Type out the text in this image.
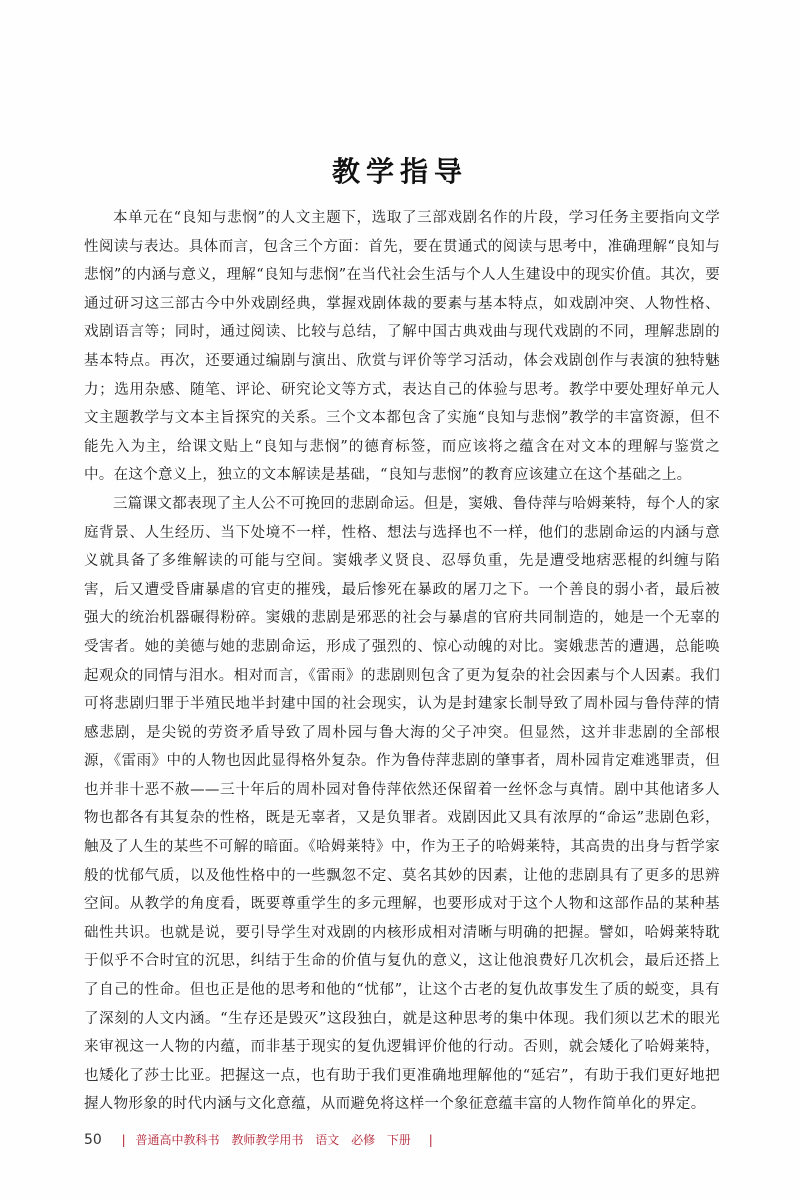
教学指导

本单元在“良知与悲悯”的人文主题下，选取了三部戏剧名作的片段，学习任务主要指向文学性阅读与表达。具体而言，包含三个方面：首先，要在贯通式的阅读与思考中，准确理解“良知与悲悯”的内涵与意义，理解“良知与悲悯”在当代社会生活与个人人生建设中的现实价值。其次，要通过研习这三部古今中外戏剧经典，掌握戏剧体裁的要素与基本特点，如戏剧冲突、人物性格、戏剧语言等；同时，通过阅读、比较与总结，了解中国古典戏曲与现代戏剧的不同，理解悲剧的基本特点。再次，还要通过编剧与演出、欣赏与评价等学习活动，体会戏剧创作与表演的独特魅力；选用杂感、随笔、评论、研究论文等方式，表达自己的体验与思考。教学中要处理好单元人文主题教学与文本主旨探究的关系。三个文本都包含了实施“良知与悲悯”教学的丰富资源，但不能先入为主，给课文贴上“良知与悲悯”的德育标签，而应该将之蕴含在对文本的理解与鉴赏之中。在这个意义上，独立的文本解读是基础，“良知与悲悯”的教育应该建立在这个基础之上。

三篇课文都表现了主人公不可挽回的悲剧命运。但是，窦娥、鲁侍萍与哈姆莱特，每个人的家庭背景、人生经历、当下处境不一样，性格、想法与选择也不一样，他们的悲剧命运的内涵与意义就具备了多维解读的可能与空间。窦娥孝义贤良、忍辱负重，先是遭受地痞恶棍的纠缠与陷害，后又遭受昏庸暴虐的官吏的摧残，最后惨死在暴政的屠刀之下。一个善良的弱小者，最后被强大的统治机器碾得粉碎。窦娥的悲剧是邪恶的社会与暴虐的官府共同制造的，她是一个无辜的受害者。她的美德与她的悲剧命运，形成了强烈的、惊心动魄的对比。窦娥悲苦的遭遇，总能唤起观众的同情与泪水。相对而言，《雷雨》的悲剧则包含了更为复杂的社会因素与个人因素。我们可将悲剧归罪于半殖民地半封建中国的社会现实，认为是封建家长制导致了周朴园与鲁侍萍的情感悲剧，是尖锐的劳资矛盾导致了周朴园与鲁大海的父子冲突。但显然，这并非悲剧的全部根源，《雷雨》中的人物也因此显得格外复杂。作为鲁侍萍悲剧的肇事者，周朴园肯定难逃罪责，但也并非十恶不赦——三十年后的周朴园对鲁侍萍依然还保留着一丝怀念与真情。剧中其他诸多人物也都各有其复杂的性格，既是无辜者，又是负罪者。戏剧因此又具有浓厚的“命运”悲剧色彩，触及了人生的某些不可解的暗面。《哈姆莱特》中，作为王子的哈姆莱特，其高贵的出身与哲学家般的忧郁气质，以及他性格中的一些飘忽不定、莫名其妙的因素，让他的悲剧具有了更多的思辨空间。从教学的角度看，既要尊重学生的多元理解，也要形成对于这个人物和这部作品的某种基础性共识。也就是说，要引导学生对戏剧的内核形成相对清晰与明确的把握。譬如，哈姆莱特耽于似乎不合时宜的沉思，纠结于生命的价值与复仇的意义，这让他浪费好几次机会，最后还搭上了自己的性命。但也正是他的思考和他的“忧郁”，让这个古老的复仇故事发生了质的蜕变，具有了深刻的人文内涵。“生存还是毁灭”这段独白，就是这种思考的集中体现。我们须以艺术的眼光来审视这一人物的内蕴，而非基于现实的复仇逻辑评价他的行动。否则，就会矮化了哈姆莱特，也矮化了莎士比亚。把握这一点，也有助于我们更准确地理解他的“延宕”，有助于我们更好地把握人物形象的时代内涵与文化意蕴，从而避免将这样一个象征意蕴丰富的人物作简单化的界定。

50 | 普通高中教科书 教师教学用书 语文 必修 下册 |
